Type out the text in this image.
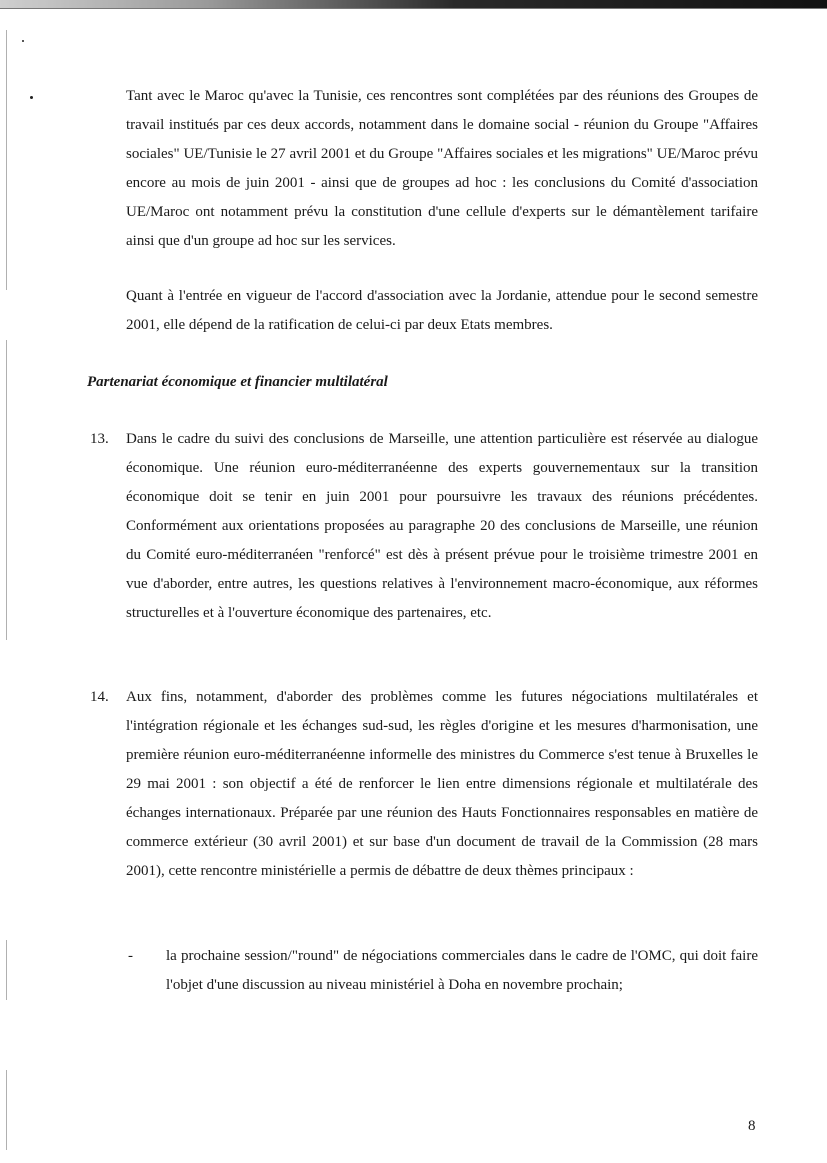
Tant avec le Maroc qu'avec la Tunisie, ces rencontres sont complétées par des réunions des Groupes de travail institués par ces deux accords, notamment dans le domaine social - réunion du Groupe "Affaires sociales" UE/Tunisie le 27 avril 2001 et du Groupe "Affaires sociales et les migrations" UE/Maroc prévu encore au mois de juin 2001 - ainsi que de groupes ad hoc : les conclusions du Comité d'association UE/Maroc ont notamment prévu la constitution d'une cellule d'experts sur le démantèlement tarifaire ainsi que d'un groupe ad hoc sur les services.

Quant à l'entrée en vigueur de l'accord d'association avec la Jordanie, attendue pour le second semestre 2001, elle dépend de la ratification de celui-ci par deux Etats membres.

Partenariat économique et financier multilatéral

13. Dans le cadre du suivi des conclusions de Marseille, une attention particulière est réservée au dialogue économique. Une réunion euro-méditerranéenne des experts gouvernementaux sur la transition économique doit se tenir en juin 2001 pour poursuivre les travaux des réunions précédentes. Conformément aux orientations proposées au paragraphe 20 des conclusions de Marseille, une réunion du Comité euro-méditerranéen "renforcé" est dès à présent prévue pour le troisième trimestre 2001 en vue d'aborder, entre autres, les questions relatives à l'environnement macro-économique, aux réformes structurelles et à l'ouverture économique des partenaires, etc.

14. Aux fins, notamment, d'aborder des problèmes comme les futures négociations multilatérales et l'intégration régionale et les échanges sud-sud, les règles d'origine et les mesures d'harmonisation, une première réunion euro-méditerranéenne informelle des ministres du Commerce s'est tenue à Bruxelles le 29 mai 2001 : son objectif a été de renforcer le lien entre dimensions régionale et multilatérale des échanges internationaux. Préparée par une réunion des Hauts Fonctionnaires responsables en matière de commerce extérieur (30 avril 2001) et sur base d'un document de travail de la Commission (28 mars 2001), cette rencontre ministérielle a permis de débattre de deux thèmes principaux :

- la prochaine session/"round" de négociations commerciales dans le cadre de l'OMC, qui doit faire l'objet d'une discussion au niveau ministériel à Doha en novembre prochain;

8
